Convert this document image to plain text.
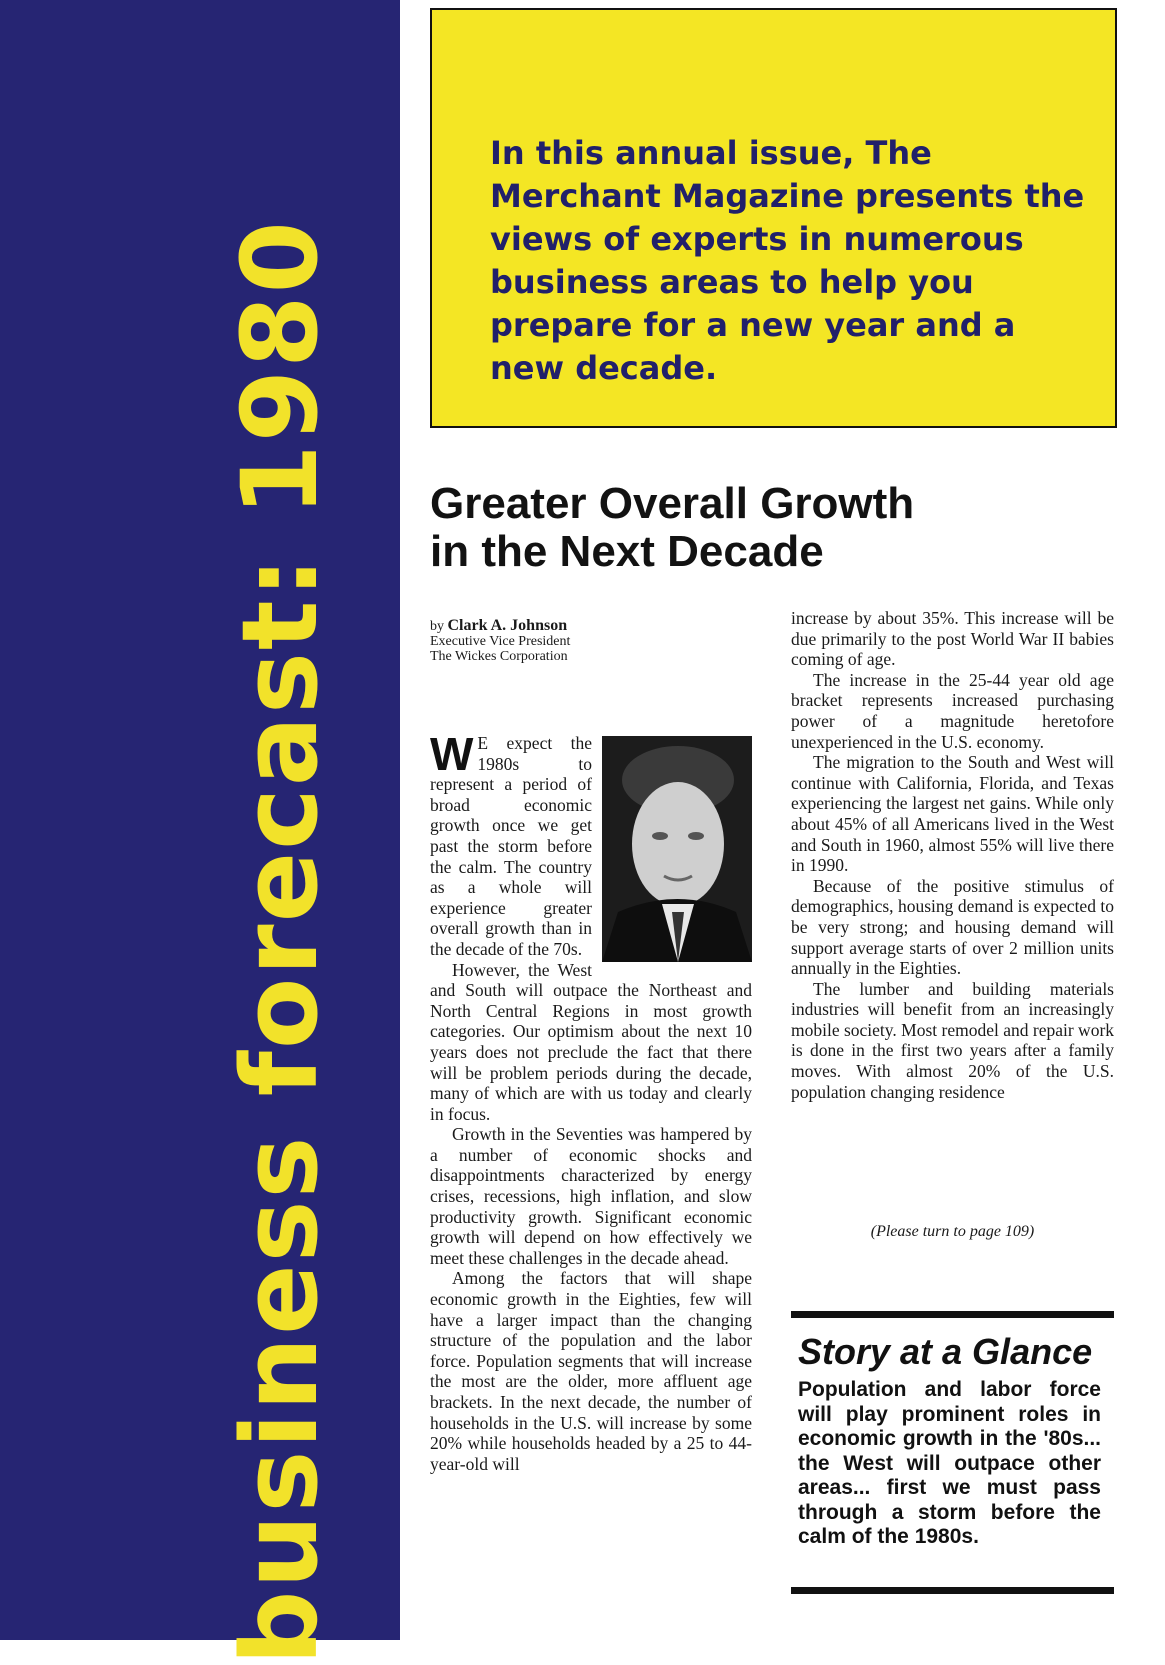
business forecast: 1980

In this annual issue, The Merchant Magazine presents the views of experts in numerous business areas to help you prepare for a new year and a new decade.

Greater Overall Growth
in the Next Decade
by Clark A. Johnson
Executive Vice President
The Wickes Corporation

W E expect the 1980s to represent a period of broad economic growth once we get past the storm before the calm. The country as a whole will experience greater overall growth than in the decade of the 70s.

However, the West and South will outpace the Northeast and North Central Regions in most growth categories. Our optimism about the next 10 years does not preclude the fact that there will be problem periods during the decade, many of which are with us today and clearly in focus.

Growth in the Seventies was hampered by a number of economic shocks and disappointments characterized by energy crises, recessions, high inflation, and slow productivity growth. Significant economic growth will depend on how effectively we meet these challenges in the decade ahead.

Among the factors that will shape economic growth in the Eighties, few will have a larger impact than the changing structure of the population and the labor force. Population segments that will increase the most are the older, more affluent age brackets. In the next decade, the number of households in the U.S. will increase by some 20% while households headed by a 25 to 44-year-old will

increase by about 35%. This increase will be due primarily to the post World War II babies coming of age.

The increase in the 25-44 year old age bracket represents increased purchasing power of a magnitude heretofore unexperienced in the U.S. economy.

The migration to the South and West will continue with California, Florida, and Texas experiencing the largest net gains. While only about 45% of all Americans lived in the West and South in 1960, almost 55% will live there in 1990.

Because of the positive stimulus of demographics, housing demand is expected to be very strong; and housing demand will support average starts of over 2 million units annually in the Eighties.

The lumber and building materials industries will benefit from an increasingly mobile society. Most remodel and repair work is done in the first two years after a family moves. With almost 20% of the U.S. population changing residence

(Please turn to page 109)
Story at a Glance

Population and labor force will play prominent roles in economic growth in the '80s... the West will outpace other areas... first we must pass through a storm before the calm of the 1980s.
